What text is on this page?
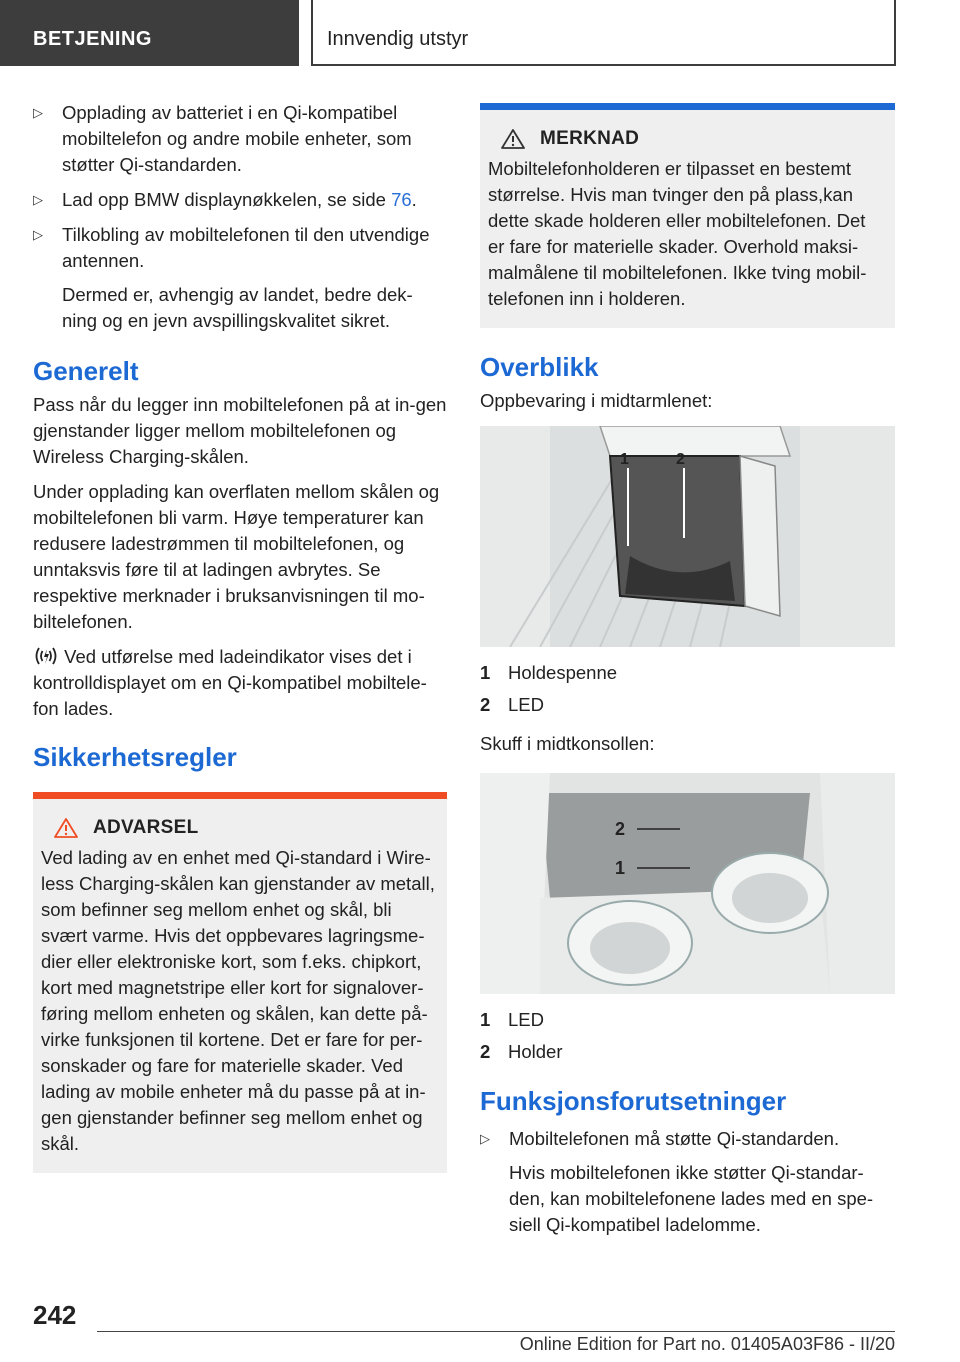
BETJENING	Innvendig utstyr
▷ Opplading av batteriet i en Qi-kompatibel mobiltelefon og andre mobile enheter, som støtter Qi-standarden.
▷ Lad opp BMW displaynøkkelen, se side 76.
▷ Tilkobling av mobiltelefonen til den utvendige antennen.

Dermed er, avhengig av landet, bedre dek-ning og en jevn avspillingskvalitet sikret.

Generelt

Pass når du legger inn mobiltelefonen på at in-gen gjenstander ligger mellom mobiltelefonen og Wireless Charging-skålen.

Under opplading kan overflaten mellom skålen og mobiltelefonen bli varm. Høye temperaturer kan redusere ladestrømmen til mobiltelefonen, og unntaksvis føre til at ladingen avbrytes. Se respektive merknader i bruksanvisningen til mo-biltelefonen.

Ved utførelse med ladeindikator vises det i kontrolldisplayet om en Qi-kompatibel mobiltele-fon lades.

Sikkerhetsregler
ADVARSEL

Ved lading av en enhet med Qi-standard i Wire-less Charging-skålen kan gjenstander av metall, som befinner seg mellom enhet og skål, bli svært varme. Hvis det oppbevares lagringsme-dier eller elektroniske kort, som f.eks. chipkort, kort med magnetstripe eller kort for signalover-føring mellom enheten og skålen, kan dette på-virke funksjonen til kortene. Det er fare for per-sonskader og fare for materielle skader. Ved lading av mobile enheter må du passe på at in-gen gjenstander befinner seg mellom enhet og skål.

MERKNAD

Mobiltelefonholderen er tilpasset en bestemt størrelse. Hvis man tvinger den på plass,kan dette skade holderen eller mobiltelefonen. Det er fare for materielle skader. Overhold maksi-malmålene til mobiltelefonen. Ikke tving mobil-telefonen inn i holderen.

Overblikk

Oppbevaring i midtarmlenet:

1	2
1 Holdespenne
2 LED

Skuff i midtkonsollen:

2
1
1 LED
2 Holder
Funksjonsforutsetninger
▷ Mobiltelefonen må støtte Qi-standarden.

Hvis mobiltelefonen ikke støtter Qi-standar-den, kan mobiltelefonene lades med en spe-siell Qi-kompatibel ladelomme.

242
Online Edition for Part no. 01405A03F86 - II/20
